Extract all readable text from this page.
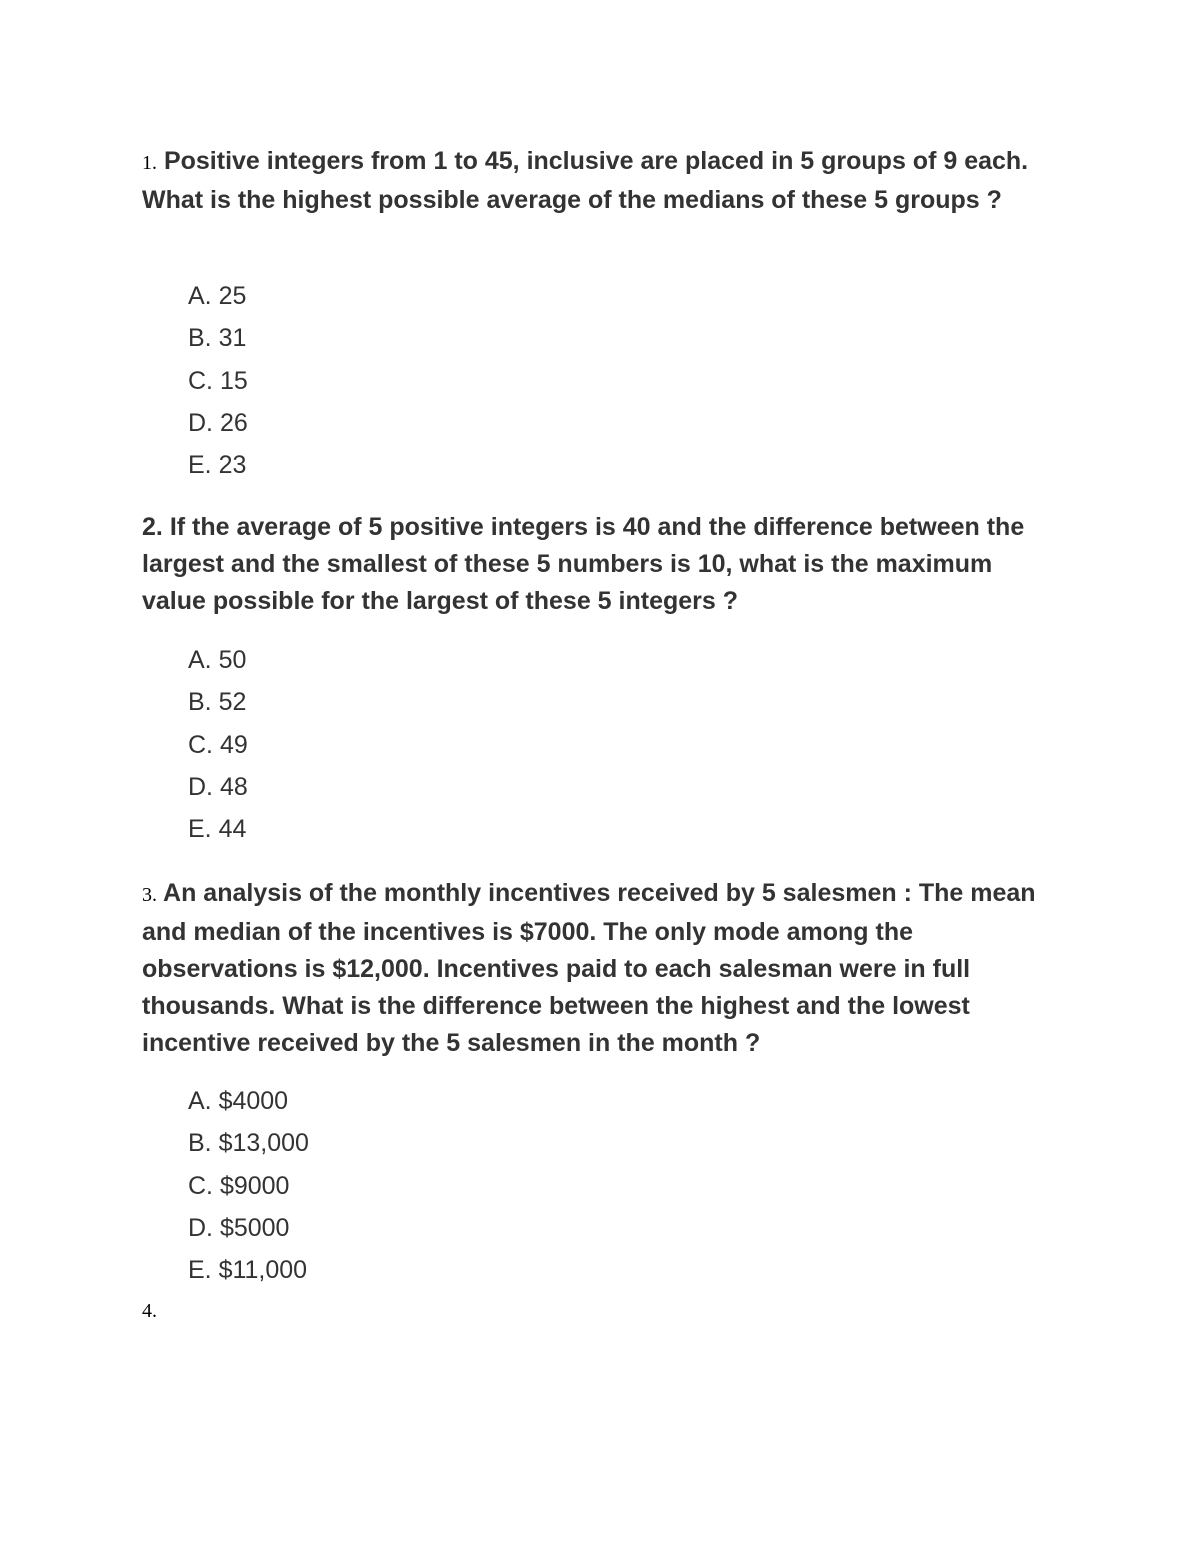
1. Positive integers from 1 to 45, inclusive are placed in 5 groups of 9 each. What is the highest possible average of the medians of these 5 groups ?
A. 25
B. 31
C. 15
D. 26
E. 23
2. If the average of 5 positive integers is 40 and the difference between the largest and the smallest of these 5 numbers is 10, what is the maximum value possible for the largest of these 5 integers ?
A. 50
B. 52
C. 49
D. 48
E. 44
3. An analysis of the monthly incentives received by 5 salesmen : The mean and median of the incentives is $7000. The only mode among the observations is $12,000. Incentives paid to each salesman were in full thousands. What is the difference between the highest and the lowest incentive received by the 5 salesmen in the month ?
A. $4000
B. $13,000
C. $9000
D. $5000
E. $11,000
4.
